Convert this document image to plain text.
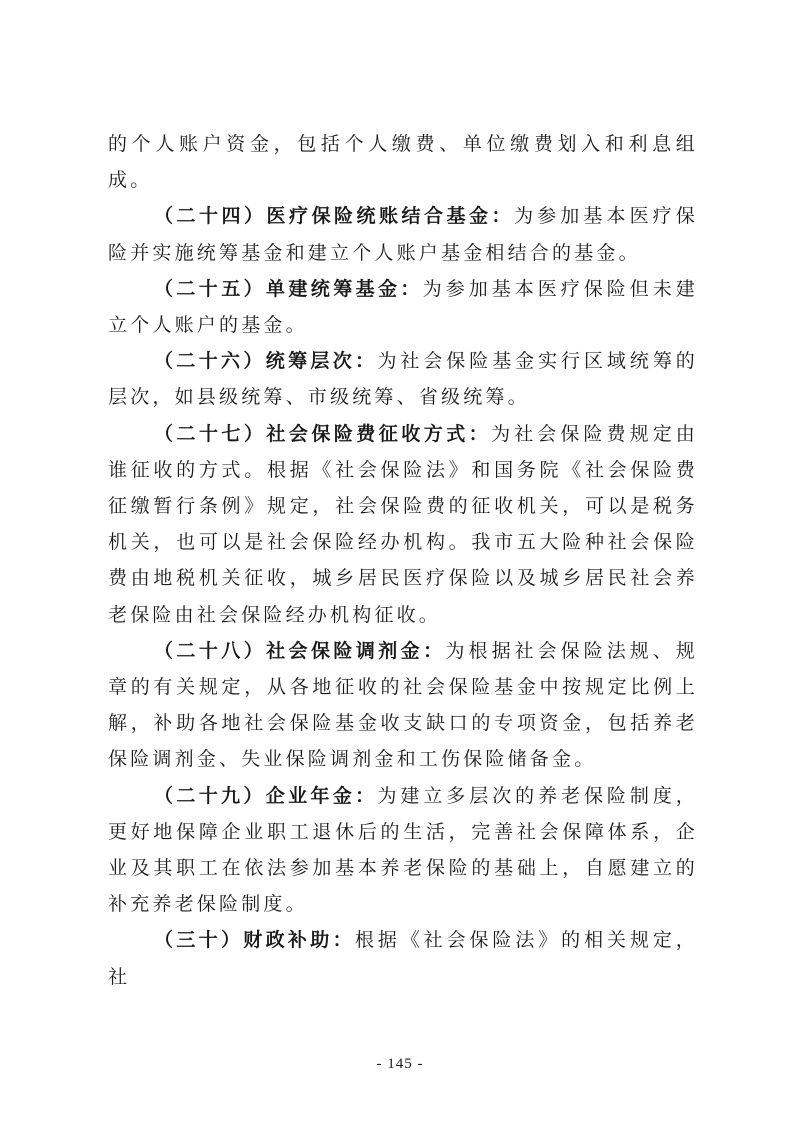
的个人账户资金，包括个人缴费、单位缴费划入和利息组成。

（二十四）医疗保险统账结合基金：为参加基本医疗保险并实施统筹基金和建立个人账户基金相结合的基金。

（二十五）单建统筹基金：为参加基本医疗保险但未建立个人账户的基金。

（二十六）统筹层次：为社会保险基金实行区域统筹的层次，如县级统筹、市级统筹、省级统筹。

（二十七）社会保险费征收方式：为社会保险费规定由谁征收的方式。根据《社会保险法》和国务院《社会保险费征缴暂行条例》规定，社会保险费的征收机关，可以是税务机关，也可以是社会保险经办机构。我市五大险种社会保险费由地税机关征收，城乡居民医疗保险以及城乡居民社会养老保险由社会保险经办机构征收。

（二十八）社会保险调剂金：为根据社会保险法规、规章的有关规定，从各地征收的社会保险基金中按规定比例上解，补助各地社会保险基金收支缺口的专项资金，包括养老保险调剂金、失业保险调剂金和工伤保险储备金。

（二十九）企业年金：为建立多层次的养老保险制度，更好地保障企业职工退休后的生活，完善社会保障体系，企业及其职工在依法参加基本养老保险的基础上，自愿建立的补充养老保险制度。

（三十）财政补助：根据《社会保险法》的相关规定，社

- 145 -
